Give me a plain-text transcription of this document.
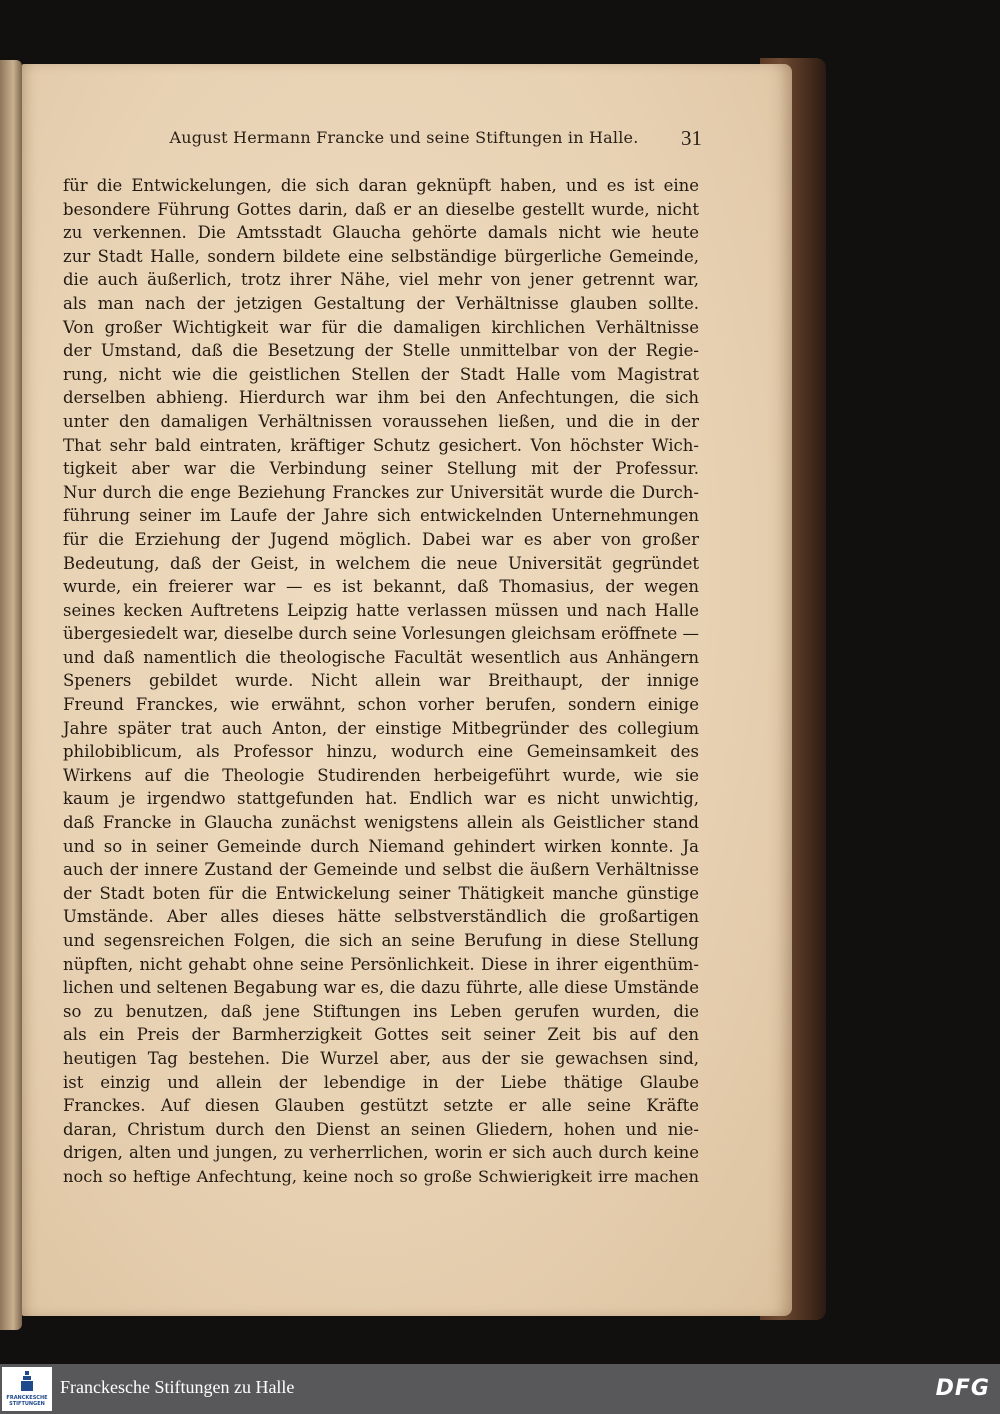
August Hermann Francke und seine Stiftungen in Halle. 31
für die Entwickelungen, die sich daran geknüpft haben, und es ist eine
besondere Führung Gottes darin, daß er an dieselbe gestellt wurde, nicht
zu verkennen. Die Amtsstadt Glaucha gehörte damals nicht wie heute
zur Stadt Halle, sondern bildete eine selbständige bürgerliche Gemeinde,
die auch äußerlich, trotz ihrer Nähe, viel mehr von jener getrennt war,
als man nach der jetzigen Gestaltung der Verhältnisse glauben sollte.
Von großer Wichtigkeit war für die damaligen kirchlichen Verhältnisse
der Umstand, daß die Besetzung der Stelle unmittelbar von der Regie-
rung, nicht wie die geistlichen Stellen der Stadt Halle vom Magistrat
derselben abhieng. Hierdurch war ihm bei den Anfechtungen, die sich
unter den damaligen Verhältnissen voraussehen ließen, und die in der
That sehr bald eintraten, kräftiger Schutz gesichert. Von höchster Wich-
tigkeit aber war die Verbindung seiner Stellung mit der Professur.
Nur durch die enge Beziehung Franckes zur Universität wurde die Durch-
führung seiner im Laufe der Jahre sich entwickelnden Unternehmungen
für die Erziehung der Jugend möglich. Dabei war es aber von großer
Bedeutung, daß der Geist, in welchem die neue Universität gegründet
wurde, ein freierer war — es ist bekannt, daß Thomasius, der wegen
seines kecken Auftretens Leipzig hatte verlassen müssen und nach Halle
übergesiedelt war, dieselbe durch seine Vorlesungen gleichsam eröffnete —
und daß namentlich die theologische Facultät wesentlich aus Anhängern
Speners gebildet wurde. Nicht allein war Breithaupt, der innige
Freund Franckes, wie erwähnt, schon vorher berufen, sondern einige
Jahre später trat auch Anton, der einstige Mitbegründer des collegium
philobiblicum, als Professor hinzu, wodurch eine Gemeinsamkeit des
Wirkens auf die Theologie Studirenden herbeigeführt wurde, wie sie
kaum je irgendwo stattgefunden hat. Endlich war es nicht unwichtig,
daß Francke in Glaucha zunächst wenigstens allein als Geistlicher stand
und so in seiner Gemeinde durch Niemand gehindert wirken konnte. Ja
auch der innere Zustand der Gemeinde und selbst die äußern Verhältnisse
der Stadt boten für die Entwickelung seiner Thätigkeit manche günstige
Umstände. Aber alles dieses hätte selbstverständlich die großartigen
und segensreichen Folgen, die sich an seine Berufung in diese Stellung
nüpften, nicht gehabt ohne seine Persönlichkeit. Diese in ihrer eigenthüm-
lichen und seltenen Begabung war es, die dazu führte, alle diese Umstände
so zu benutzen, daß jene Stiftungen ins Leben gerufen wurden, die
als ein Preis der Barmherzigkeit Gottes seit seiner Zeit bis auf den
heutigen Tag bestehen. Die Wurzel aber, aus der sie gewachsen sind,
ist einzig und allein der lebendige in der Liebe thätige Glaube
Franckes. Auf diesen Glauben gestützt setzte er alle seine Kräfte
daran, Christum durch den Dienst an seinen Gliedern, hohen und nie-
drigen, alten und jungen, zu verherrlichen, worin er sich auch durch keine
noch so heftige Anfechtung, keine noch so große Schwierigkeit irre machen
FRANCKESCHE
STIFTUNGEN
Franckesche Stiftungen zu Halle	DFG
